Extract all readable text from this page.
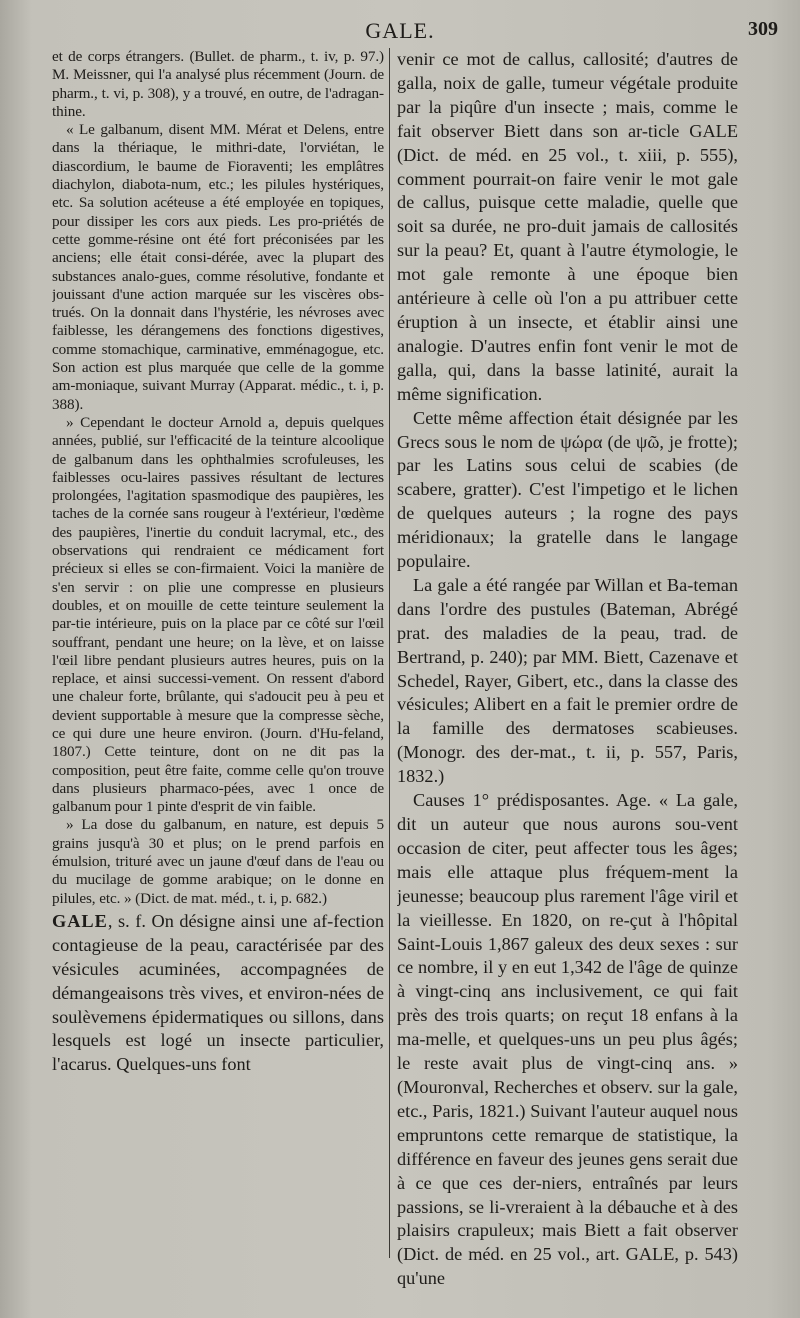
GALE.	309

et de corps étrangers. (Bullet. de pharm., t. iv, p. 97.) M. Meissner, qui l'a analysé plus récemment (Journ. de pharm., t. vi, p. 308), y a trouvé, en outre, de l'adragan-thine.

« Le galbanum, disent MM. Mérat et Delens, entre dans la thériaque, le mithri-date, l'orviétan, le diascordium, le baume de Fioraventi; les emplâtres diachylon, diabota-num, etc.; les pilules hystériques, etc. Sa solution acéteuse a été employée en topiques, pour dissiper les cors aux pieds. Les pro-priétés de cette gomme-résine ont été fort préconisées par les anciens; elle était consi-dérée, avec la plupart des substances analo-gues, comme résolutive, fondante et jouissant d'une action marquée sur les viscères obs-trués. On la donnait dans l'hystérie, les névroses avec faiblesse, les dérangemens des fonctions digestives, comme stomachique, carminative, emménagogue, etc. Son action est plus marquée que celle de la gomme am-moniaque, suivant Murray (Apparat. médic., t. i, p. 388).

» Cependant le docteur Arnold a, depuis quelques années, publié, sur l'efficacité de la teinture alcoolique de galbanum dans les ophthalmies scrofuleuses, les faiblesses ocu-laires passives résultant de lectures prolongées, l'agitation spasmodique des paupières, les taches de la cornée sans rougeur à l'extérieur, l'œdème des paupières, l'inertie du conduit lacrymal, etc., des observations qui rendraient ce médicament fort précieux si elles se con-firmaient. Voici la manière de s'en servir : on plie une compresse en plusieurs doubles, et on mouille de cette teinture seulement la par-tie intérieure, puis on la place par ce côté sur l'œil souffrant, pendant une heure; on la lève, et on laisse l'œil libre pendant plusieurs autres heures, puis on la replace, et ainsi successi-vement. On ressent d'abord une chaleur forte, brûlante, qui s'adoucit peu à peu et devient supportable à mesure que la compresse sèche, ce qui dure une heure environ. (Journ. d'Hu-feland, 1807.) Cette teinture, dont on ne dit pas la composition, peut être faite, comme celle qu'on trouve dans plusieurs pharmaco-pées, avec 1 once de galbanum pour 1 pinte d'esprit de vin faible.

» La dose du galbanum, en nature, est depuis 5 grains jusqu'à 30 et plus; on le prend parfois en émulsion, trituré avec un jaune d'œuf dans de l'eau ou du mucilage de gomme arabique; on le donne en pilules, etc. » (Dict. de mat. méd., t. i, p. 682.)

GALE, s. f. On désigne ainsi une af-fection contagieuse de la peau, caractérisée par des vésicules acuminées, accompagnées de démangeaisons très vives, et environ-nées de soulèvemens épidermatiques ou sillons, dans lesquels est logé un insecte particulier, l'acarus. Quelques-uns font

venir ce mot de callus, callosité; d'autres de galla, noix de galle, tumeur végétale produite par la piqûre d'un insecte ; mais, comme le fait observer Biett dans son ar-ticle GALE (Dict. de méd. en 25 vol., t. xiii, p. 555), comment pourrait-on faire venir le mot gale de callus, puisque cette maladie, quelle que soit sa durée, ne pro-duit jamais de callosités sur la peau? Et, quant à l'autre étymologie, le mot gale remonte à une époque bien antérieure à celle où l'on a pu attribuer cette éruption à un insecte, et établir ainsi une analogie. D'autres enfin font venir le mot de galla, qui, dans la basse latinité, aurait la même signification.

Cette même affection était désignée par les Grecs sous le nom de ψώρα (de ψῶ, je frotte); par les Latins sous celui de scabies (de scabere, gratter). C'est l'impetigo et le lichen de quelques auteurs ; la rogne des pays méridionaux; la gratelle dans le langage populaire.

La gale a été rangée par Willan et Ba-teman dans l'ordre des pustules (Bateman, Abrégé prat. des maladies de la peau, trad. de Bertrand, p. 240); par MM. Biett, Cazenave et Schedel, Rayer, Gibert, etc., dans la classe des vésicules; Alibert en a fait le premier ordre de la famille des dermatoses scabieuses. (Monogr. des der-mat., t. ii, p. 557, Paris, 1832.)

Causes 1° prédisposantes. Age. « La gale, dit un auteur que nous aurons sou-vent occasion de citer, peut affecter tous les âges; mais elle attaque plus fréquem-ment la jeunesse; beaucoup plus rarement l'âge viril et la vieillesse. En 1820, on re-çut à l'hôpital Saint-Louis 1,867 galeux des deux sexes : sur ce nombre, il y en eut 1,342 de l'âge de quinze à vingt-cinq ans inclusivement, ce qui fait près des trois quarts; on reçut 18 enfans à la ma-melle, et quelques-uns un peu plus âgés; le reste avait plus de vingt-cinq ans. » (Mouronval, Recherches et observ. sur la gale, etc., Paris, 1821.) Suivant l'auteur auquel nous empruntons cette remarque de statistique, la différence en faveur des jeunes gens serait due à ce que ces der-niers, entraînés par leurs passions, se li-vreraient à la débauche et à des plaisirs crapuleux; mais Biett a fait observer (Dict. de méd. en 25 vol., art. GALE, p. 543) qu'une
